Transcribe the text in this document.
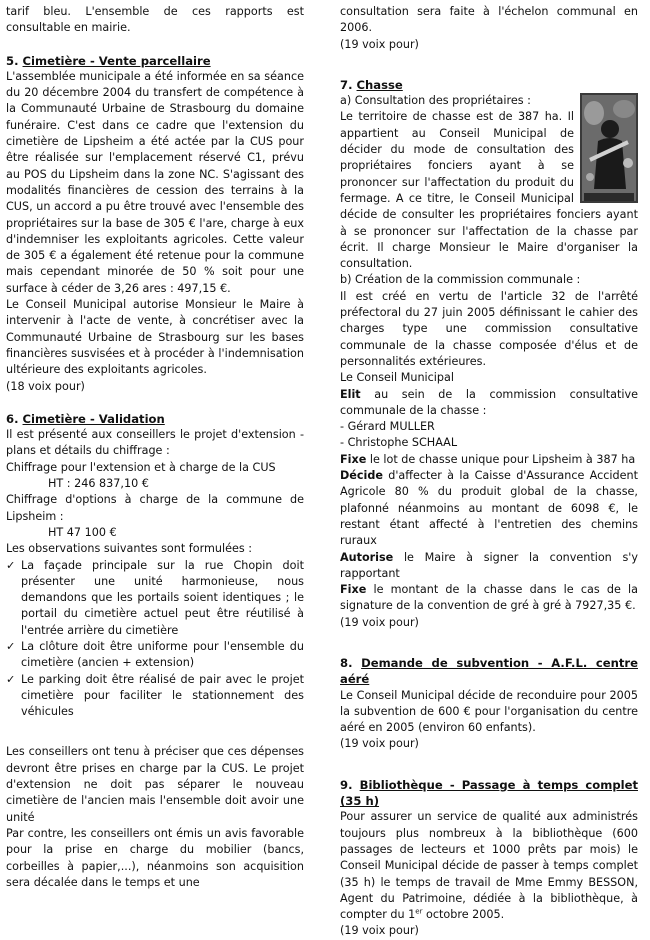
tarif bleu. L'ensemble de ces rapports est consultable en mairie.

5. Cimetière - Vente parcellaire

L'assemblée municipale a été informée en sa séance du 20 décembre 2004 du transfert de compétence à la Communauté Urbaine de Strasbourg du domaine funéraire. C'est dans ce cadre que l'extension du cimetière de Lipsheim a été actée par la CUS pour être réalisée sur l'emplacement réservé C1, prévu au POS du Lipsheim dans la zone NC. S'agissant des modalités financières de cession des terrains à la CUS, un accord a pu être trouvé avec l'ensemble des propriétaires sur la base de 305 € l'are, charge à eux d'indemniser les exploitants agricoles. Cette valeur de 305 € a également été retenue pour la commune mais cependant minorée de 50 % soit pour une surface à céder de 3,26 ares : 497,15 €.

Le Conseil Municipal autorise Monsieur le Maire à intervenir à l'acte de vente, à concrétiser avec la Communauté Urbaine de Strasbourg sur les bases financières susvisées et à procéder à l'indemnisation ultérieure des exploitants agricoles.

(18 voix pour)

6. Cimetière - Validation

Il est présenté aux conseillers le projet d'extension - plans et détails du chiffrage :

Chiffrage pour l'extension et à charge de la CUS

HT : 246 837,10 €

Chiffrage d'options à charge de la commune de Lipsheim :

HT 47 100 €

Les observations suivantes sont formulées :

✓ La façade principale sur la rue Chopin doit présenter une unité harmonieuse, nous demandons que les portails soient identiques ; le portail du cimetière actuel peut être réutilisé à l'entrée arrière du cimetière
✓ La clôture doit être uniforme pour l'ensemble du cimetière (ancien + extension)
✓ Le parking doit être réalisé de pair avec le projet cimetière pour faciliter le stationnement des véhicules

Les conseillers ont tenu à préciser que ces dépenses devront être prises en charge par la CUS. Le projet d'extension ne doit pas séparer le nouveau cimetière de l'ancien mais l'ensemble doit avoir une unité

Par contre, les conseillers ont émis un avis favorable pour la prise en charge du mobilier (bancs, corbeilles à papier,...), néanmoins son acquisition sera décalée dans le temps et une

consultation sera faite à l'échelon communal en 2006.

(19 voix pour)

7. Chasse

a) Consultation des propriétaires :

Le territoire de chasse est de 387 ha. Il appartient au Conseil Municipal de décider du mode de consultation des propriétaires fonciers ayant à se prononcer sur l'affectation du produit du fermage. A ce titre, le Conseil Municipal décide de consulter les propriétaires fonciers ayant à se prononcer sur l'affectation de la chasse par écrit. Il charge Monsieur le Maire d'organiser la consultation.

b) Création de la commission communale :

Il est créé en vertu de l'article 32 de l'arrêté préfectoral du 27 juin 2005 définissant le cahier des charges type une commission consultative communale de la chasse composée d'élus et de personnalités extérieures.

Le Conseil Municipal

Elit au sein de la commission consultative communale de la chasse :

- Gérard MULLER

- Christophe SCHAAL

Fixe le lot de chasse unique pour Lipsheim à 387 ha

Décide d'affecter à la Caisse d'Assurance Accident Agricole 80 % du produit global de la chasse, plafonné néanmoins au montant de 6098 €, le restant étant affecté à l'entretien des chemins ruraux

Autorise le Maire à signer la convention s'y rapportant

Fixe le montant de la chasse dans le cas de la signature de la convention de gré à gré à 7927,35 €.

(19 voix pour)

8. Demande de subvention - A.F.L. centre aéré

Le Conseil Municipal décide de reconduire pour 2005 la subvention de 600 € pour l'organisation du centre aéré en 2005 (environ 60 enfants).

(19 voix pour)

9. Bibliothèque - Passage à temps complet (35 h)

Pour assurer un service de qualité aux administrés toujours plus nombreux à la bibliothèque (600 passages de lecteurs et 1000 prêts par mois) le Conseil Municipal décide de passer à temps complet (35 h) le temps de travail de Mme Emmy BESSON, Agent du Patrimoine, dédiée à la bibliothèque, à compter du 1er octobre 2005.

(19 voix pour)
